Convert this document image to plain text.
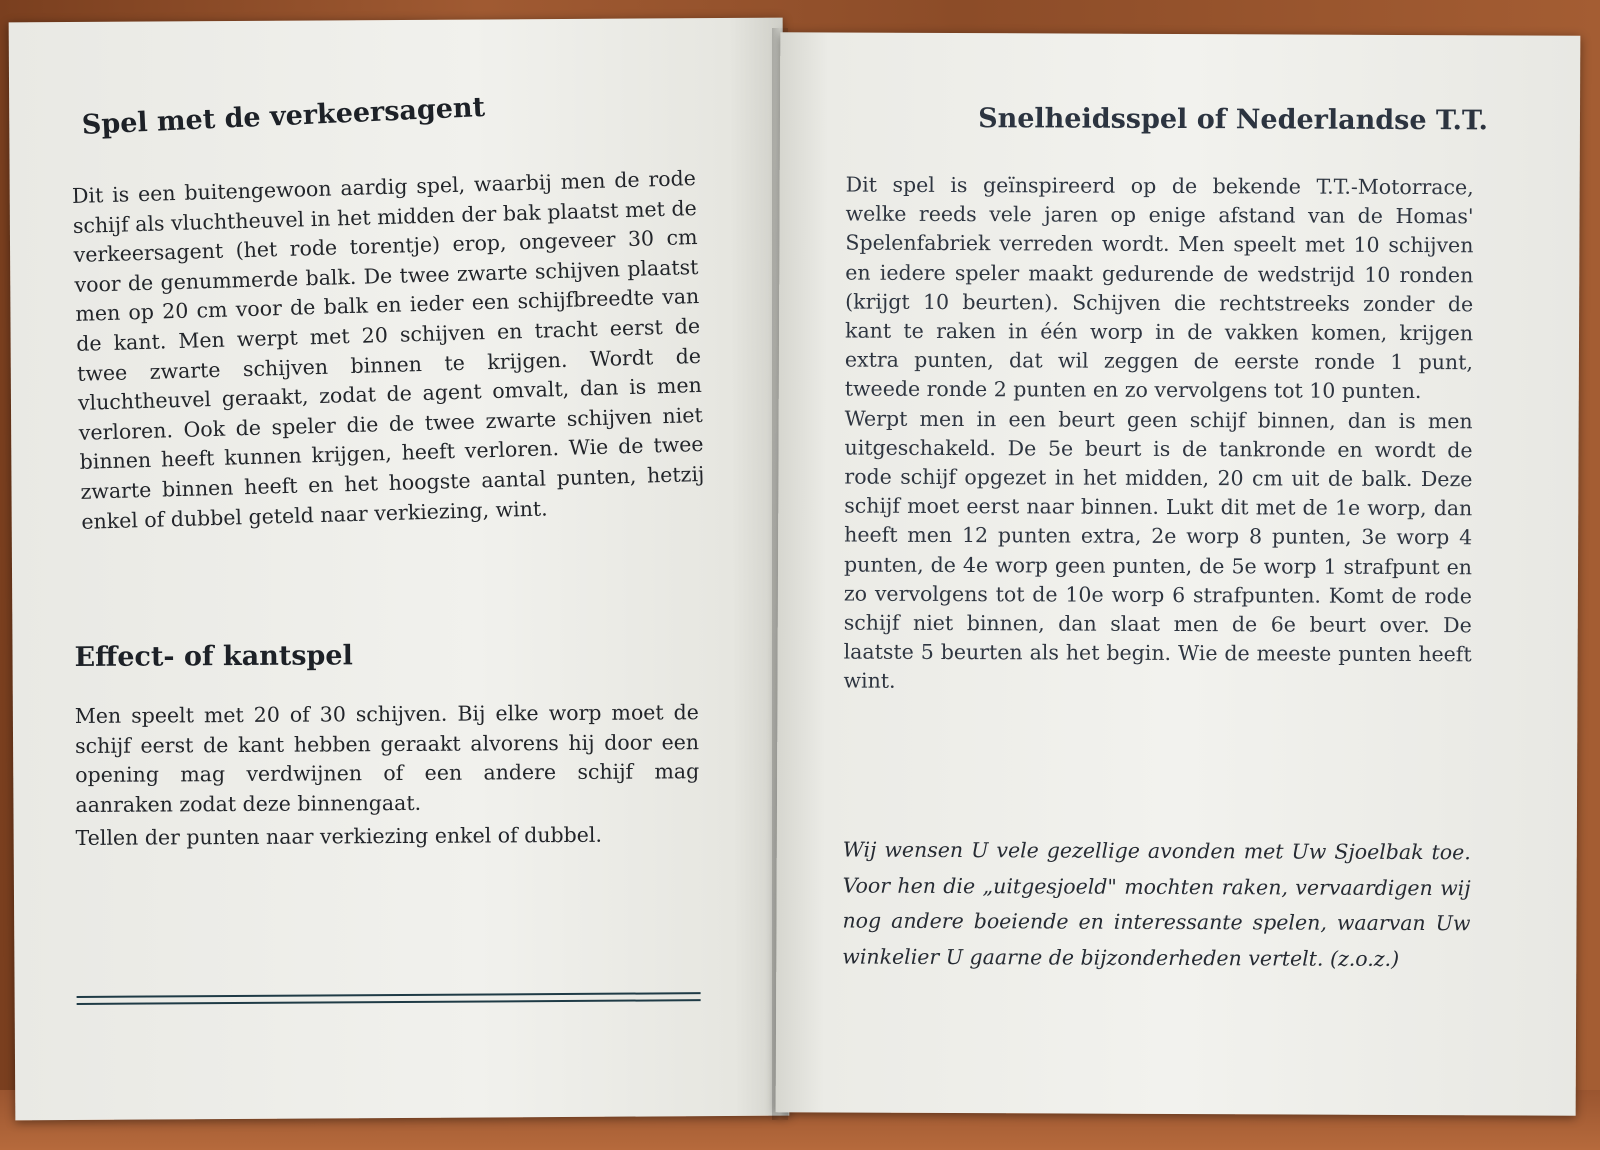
Spel met de verkeersagent

Dit is een buitengewoon aardig spel, waarbij men de rode schijf als vluchtheuvel in het midden der bak plaatst met de verkeersagent (het rode torentje) erop, ongeveer 30 cm voor de genummerde balk. De twee zwarte schijven plaatst men op 20 cm voor de balk en ieder een schijfbreedte van de kant. Men werpt met 20 schijven en tracht eerst de twee zwarte schijven binnen te krijgen. Wordt de vluchtheuvel geraakt, zodat de agent omvalt, dan is men verloren. Ook de speler die de twee zwarte schijven niet binnen heeft kunnen krijgen, heeft verloren. Wie de twee zwarte binnen heeft en het hoogste aantal punten, hetzij enkel of dubbel geteld naar verkiezing, wint.

Effect- of kantspel

Men speelt met 20 of 30 schijven. Bij elke worp moet de schijf eerst de kant hebben geraakt alvorens hij door een opening mag verdwijnen of een andere schijf mag aanraken zodat deze binnengaat.

Tellen der punten naar verkiezing enkel of dubbel.

Snelheidsspel of Nederlandse T.T.

Dit spel is geïnspireerd op de bekende T.T.-Motorrace, welke reeds vele jaren op enige afstand van de Homas' Spelenfabriek verreden wordt. Men speelt met 10 schijven en iedere speler maakt gedurende de wedstrijd 10 ronden (krijgt 10 beurten). Schijven die rechtstreeks zonder de kant te raken in één worp in de vakken komen, krijgen extra punten, dat wil zeggen de eerste ronde 1 punt, tweede ronde 2 punten en zo vervolgens tot 10 punten.

Werpt men in een beurt geen schijf binnen, dan is men uitgeschakeld. De 5e beurt is de tankronde en wordt de rode schijf opgezet in het midden, 20 cm uit de balk. Deze schijf moet eerst naar binnen. Lukt dit met de 1e worp, dan heeft men 12 punten extra, 2e worp 8 punten, 3e worp 4 punten, de 4e worp geen punten, de 5e worp 1 strafpunt en zo vervolgens tot de 10e worp 6 strafpunten. Komt de rode schijf niet binnen, dan slaat men de 6e beurt over. De laatste 5 beurten als het begin. Wie de meeste punten heeft wint.

Wij wensen U vele gezellige avonden met Uw Sjoelbak toe. Voor hen die „uitgesjoeld" mochten raken, vervaardigen wij nog andere boeiende en interessante spelen, waarvan Uw winkelier U gaarne de bijzonderheden vertelt. (z.o.z.)
